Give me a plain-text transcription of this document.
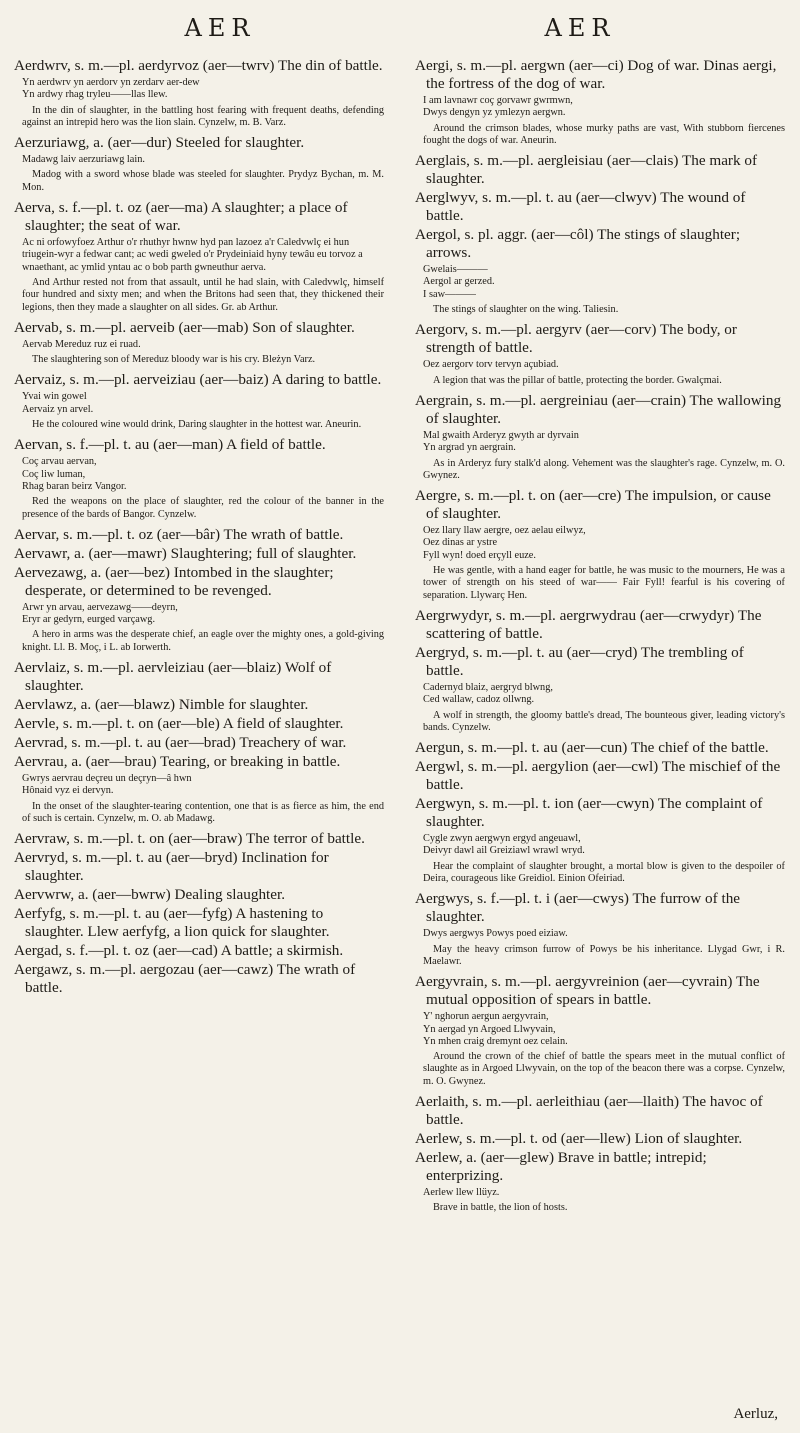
AER	AER
Aerdwrv, s. m.—pl. aerdyrvoz (aer—twrv) The din of battle.
Yn aerdwrv yn aerdorv yn zerdarv aer-dew
Yn ardwy rhag tryleu——llas llew.
In the din of slaughter, in the battling host fearing with frequent deaths, defending against an intrepid hero was the lion slain. Cynzelw, m. B. Varz.
Aerzuriawg, a. (aer—dur) Steeled for slaughter.
Madawg laiv aerzuriawg lain.
Madog with a sword whose blade was steeled for slaughter. Prydyz Bychan, m. M. Mon.
Aerva, s. f.—pl. t. oz (aer—ma) A slaughter; a place of slaughter; the seat of war.
Ac ni orfowyfoez Arthur o'r rhuthyr hwnw hyd pan lazoez a'r Caledvwlç ei hun triugein-wyr a fedwar cant; ac wedi gweled o'r Prydeiniaid hyny tewâu eu torvoz a wnaethant, ac ymlid yntau ac o bob parth gwneuthur aerva.
And Arthur rested not from that assault, until he had slain, with Caledvwlç, himself four hundred and sixty men; and when the Britons had seen that, they thickened their legions, then they made a slaughter on all sides. Gr. ab Arthur.
Aervab, s. m.—pl. aerveib (aer—mab) Son of slaughter.
Aervab Mereduz ruz ei ruad.
The slaughtering son of Mereduz bloody war is his cry. Bleżyn Varz.
Aervaiz, s. m.—pl. aerveiziau (aer—baiz) A daring to battle.
Yvai win gowel
Aervaiz yn arvel.
He the coloured wine would drink, Daring slaughter in the hottest war. Aneurin.
Aervan, s. f.—pl. t. au (aer—man) A field of battle.
Coç arvau aervan,
Coç liw luman,
Rhag baran beirz Vangor.
Red the weapons on the place of slaughter, red the colour of the banner in the presence of the bards of Bangor. Cynzelw.
Aervar, s. m.—pl. t. oz (aer—bâr) The wrath of battle.
Aervawr, a. (aer—mawr) Slaughtering; full of slaughter.
Aervezawg, a. (aer—bez) Intombed in the slaughter; desperate, or determined to be revenged.
Arwr yn arvau, aervezawg——deyrn,
Eryr ar gedyrn, eurged varçawg.
A hero in arms was the desperate chief, an eagle over the mighty ones, a gold-giving knight. Ll. B. Moç, i L. ab Iorwerth.
Aervlaiz, s. m.—pl. aervleiziau (aer—blaiz) Wolf of slaughter.
Aervlawz, a. (aer—blawz) Nimble for slaughter.
Aervle, s. m.—pl. t. on (aer—ble) A field of slaughter.
Aervrad, s. m.—pl. t. au (aer—brad) Treachery of war.
Aervrau, a. (aer—brau) Tearing, or breaking in battle.
Gwrys aervrau deçreu un deçryn—â hwn
Hônaid vyz ei dervyn.
In the onset of the slaughter-tearing contention, one that is as fierce as him, the end of such is certain. Cynzelw, m. O. ab Madawg.
Aervraw, s. m.—pl. t. on (aer—braw) The terror of battle.
Aervryd, s. m.—pl. t. au (aer—bryd) Inclination for slaughter.
Aervwrw, a. (aer—bwrw) Dealing slaughter.
Aerfyfg, s. m.—pl. t. au (aer—fyfg) A hastening to slaughter. Llew aerfyfg, a lion quick for slaughter.
Aergad, s. f.—pl. t. oz (aer—cad) A battle; a skirmish.
Aergawz, s. m.—pl. aergozau (aer—cawz) The wrath of battle.
Aergi, s. m.—pl. aergwn (aer—ci) Dog of war. Dinas aergi, the fortress of the dog of war.
I am lavnawr coç gorvawr gwrmwn,
Dwys dengyn yz ymlezyn aergwn.
Around the crimson blades, whose murky paths are vast, With stubborn fiercenes fought the dogs of war. Aneurin.
Aerglais, s. m.—pl. aergleisiau (aer—clais) The mark of slaughter.
Aerglwyv, s. m.—pl. t. au (aer—clwyv) The wound of battle.
Aergol, s. pl. aggr. (aer—côl) The stings of slaughter; arrows.
Gwelais———
Aergol ar gerzed.
I saw———
The stings of slaughter on the wing. Taliesin.
Aergorv, s. m.—pl. aergyrv (aer—corv) The body, or strength of battle.
Oez aergorv torv tervyn açubiad.
A legion that was the pillar of battle, protecting the border. Gwalçmai.
Aergrain, s. m.—pl. aergreiniau (aer—crain) The wallowing of slaughter.
Mal gwaith Arderyz gwyth ar dyrvain
Yn argrad yn aergrain.
As in Arderyz fury stalk'd along. Vehement was the slaughter's rage. Cynzelw, m. O. Gwynez.
Aergre, s. m.—pl. t. on (aer—cre) The impulsion, or cause of slaughter.
Oez llary llaw aergre, oez aelau eilwyz,
Oez dinas ar ystre
Fyll wyn! doed erçyll euze.
He was gentle, with a hand eager for battle, he was music to the mourners, He was a tower of strength on his steed of war—— Fair Fyll! fearful is his covering of separation. Llywarç Hen.
Aergrwydyr, s. m.—pl. aergrwydrau (aer—crwydyr) The scattering of battle.
Aergryd, s. m.—pl. t. au (aer—cryd) The trembling of battle.
Cadernyd blaiz, aergryd blwng,
Ced wallaw, cadoz ollwng.
A wolf in strength, the gloomy battle's dread, The bounteous giver, leading victory's bands. Cynzelw.
Aergun, s. m.—pl. t. au (aer—cun) The chief of the battle.
Aergwl, s. m.—pl. aergylion (aer—cwl) The mischief of the battle.
Aergwyn, s. m.—pl. t. ion (aer—cwyn) The complaint of slaughter.
Cygle zwyn aergwyn ergyd angeuawl,
Deivyr dawl ail Greiziawl wrawl wryd.
Hear the complaint of slaughter brought, a mortal blow is given to the despoiler of Deira, courageous like Greidiol. Einion Ofeiriad.
Aergwys, s. f.—pl. t. i (aer—cwys) The furrow of the slaughter.
Dwys aergwys Powys poed eiziaw.
May the heavy crimson furrow of Powys be his inheritance. Llygad Gwr, i R. Maelawr.
Aergyvrain, s. m.—pl. aergyvreinion (aer—cyvrain) The mutual opposition of spears in battle.
Y' nghorun aergun aergyvrain,
Yn aergad yn Argoed Llwyvain,
Yn mhen craig dremynt oez celain.
Around the crown of the chief of battle the spears meet in the mutual conflict of slaughte as in Argoed Llwyvain, on the top of the beacon there was a corpse. Cynzelw, m. O. Gwynez.
Aerlaith, s. m.—pl. aerleithiau (aer—llaith) The havoc of battle.
Aerlew, s. m.—pl. t. od (aer—llew) Lion of slaughter.
Aerlew, a. (aer—glew) Brave in battle; intrepid; enterprizing.
Aerlew llew llüyz.
Brave in battle, the lion of hosts.
Aerluz,
